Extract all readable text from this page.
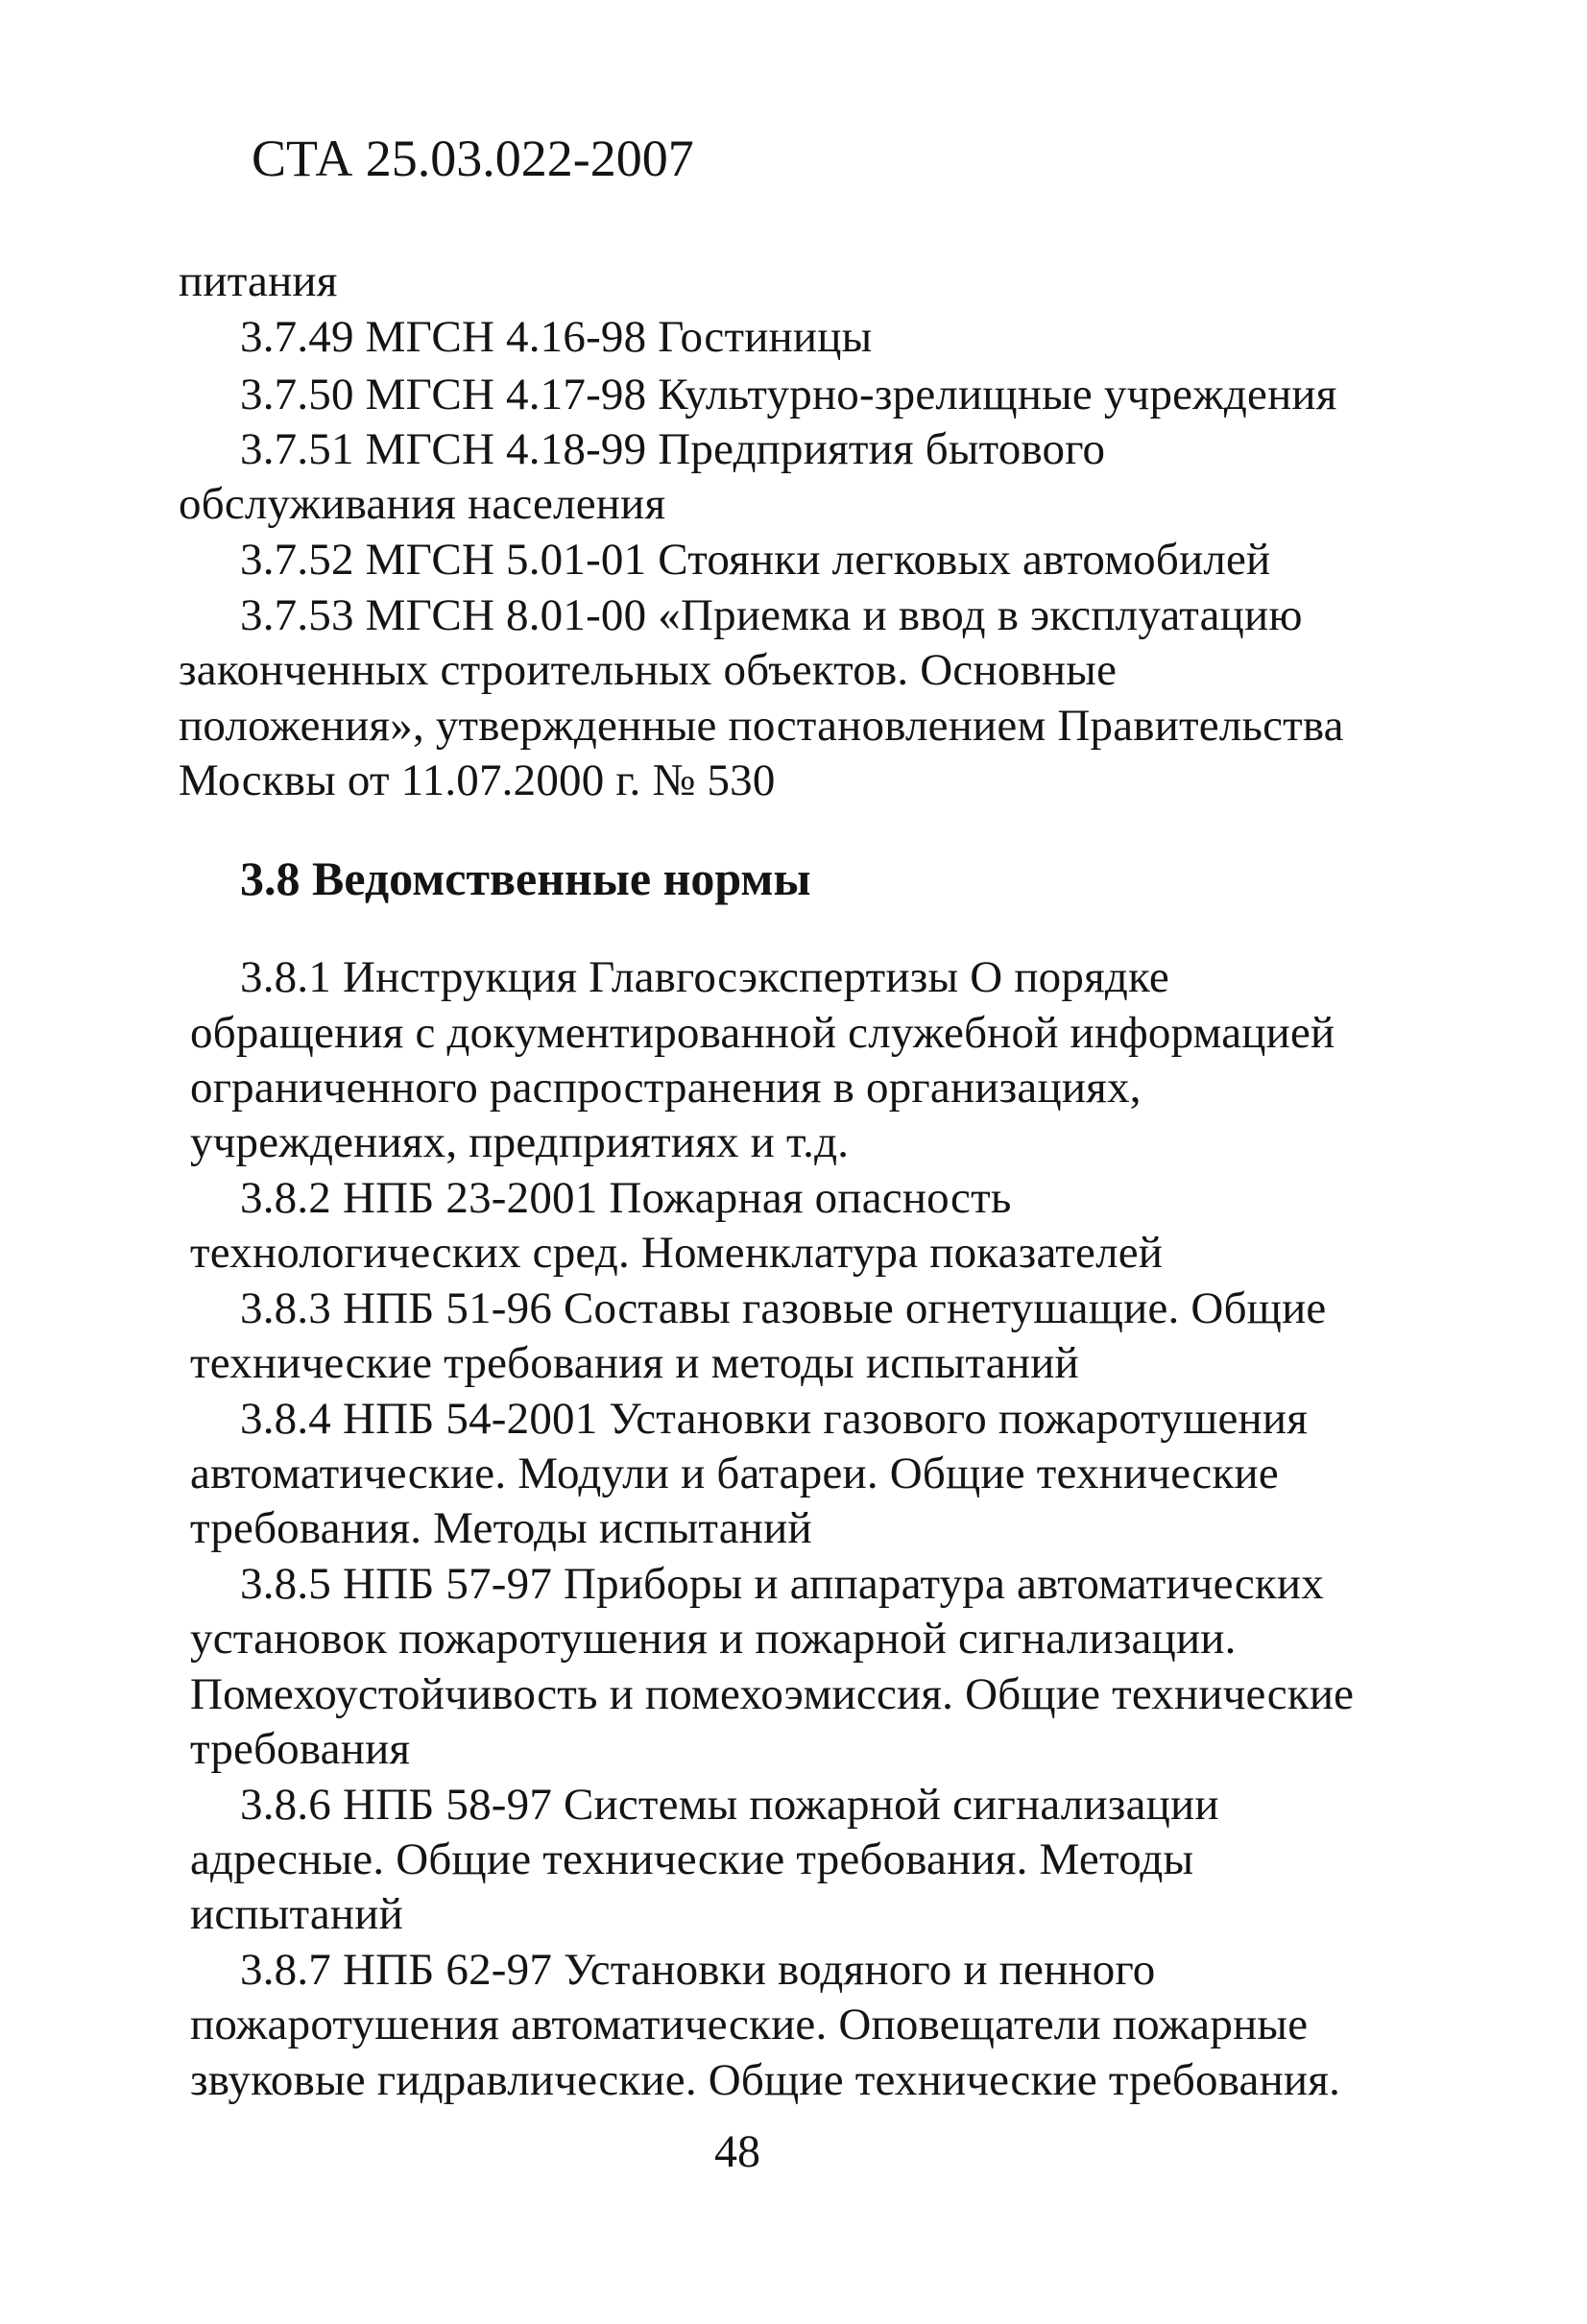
СТА 25.03.022-2007
питания
3.7.49 МГСН 4.16-98 Гостиницы
3.7.50 МГСН 4.17-98 Культурно-зрелищные учреждения
3.7.51 МГСН 4.18-99 Предприятия бытового
обслуживания населения
3.7.52 МГСН 5.01-01 Стоянки легковых автомобилей
3.7.53 МГСН 8.01-00 «Приемка и ввод в эксплуатацию
законченных строительных объектов. Основные
положения», утвержденные постановлением Правительства
Москвы от 11.07.2000 г. № 530
3.8 Ведомственные нормы
3.8.1 Инструкция Главгосэкспертизы О порядке
обращения с документированной служебной информацией
ограниченного распространения в организациях,
учреждениях, предприятиях и т.д.
3.8.2 НПБ 23-2001 Пожарная опасность
технологических сред. Номенклатура показателей
3.8.3 НПБ 51-96 Составы газовые огнетушащие. Общие
технические требования и методы испытаний
3.8.4 НПБ 54-2001 Установки газового пожаротушения
автоматические. Модули и батареи. Общие технические
требования. Методы испытаний
3.8.5 НПБ 57-97 Приборы и аппаратура автоматических
установок пожаротушения и пожарной сигнализации.
Помехоустойчивость и помехоэмиссия. Общие технические
требования
3.8.6 НПБ 58-97 Системы пожарной сигнализации
адресные. Общие технические требования. Методы
испытаний
3.8.7 НПБ 62-97 Установки водяного и пенного
пожаротушения автоматические. Оповещатели пожарные
звуковые гидравлические. Общие технические требования.
48
